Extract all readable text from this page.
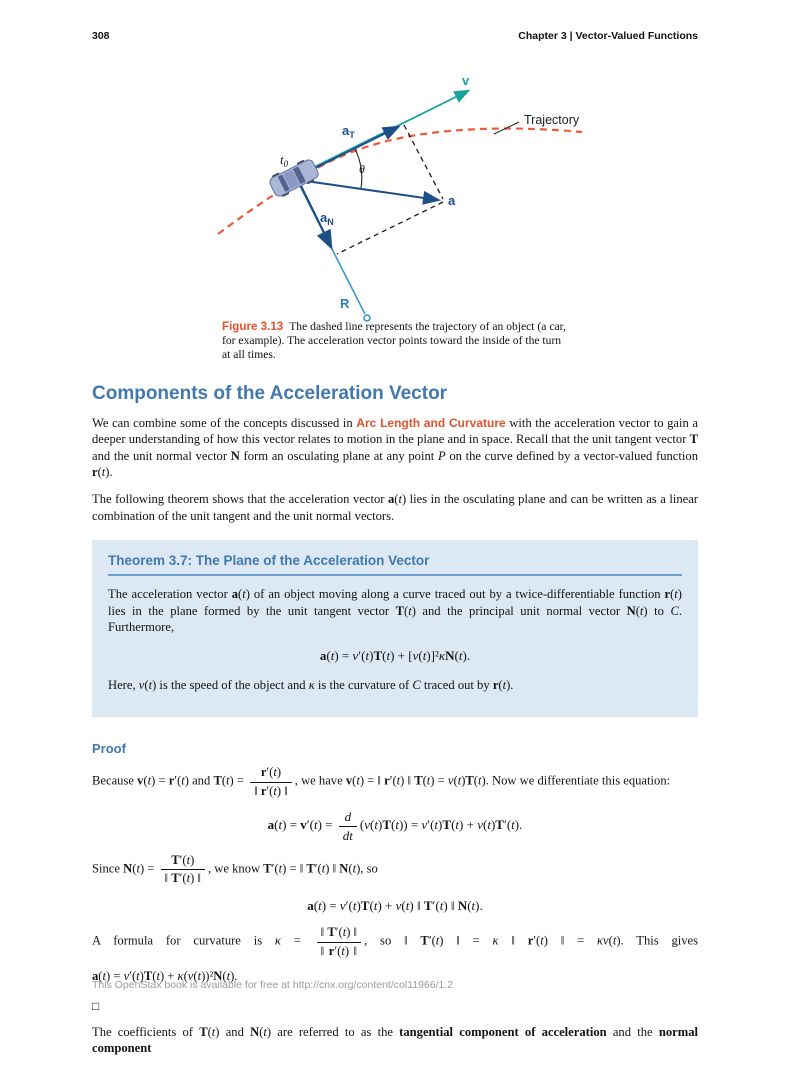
308	Chapter 3 | Vector-Valued Functions
Trajectory
v
$a_T$
a
$a_N$
$t_0$	θ
R
Figure 3.13 The dashed line represents the trajectory of an object (a car, for example). The acceleration vector points toward the inside of the turn at all times.
Components of the Acceleration Vector

We can combine some of the concepts discussed in Arc Length and Curvature with the acceleration vector to gain a deeper understanding of how this vector relates to motion in the plane and in space. Recall that the unit tangent vector T and the unit normal vector N form an osculating plane at any point P on the curve defined by a vector-valued function r(t).

The following theorem shows that the acceleration vector a(t) lies in the osculating plane and can be written as a linear combination of the unit tangent and the unit normal vectors.

Theorem 3.7: The Plane of the Acceleration Vector

The acceleration vector a(t) of an object moving along a curve traced out by a twice-differentiable function r(t) lies in the plane formed by the unit tangent vector T(t) and the principal unit normal vector N(t) to C. Furthermore,

a(t) = v′(t)T(t) + [v(t)]²κN(t).

Here, v(t) is the speed of the object and κ is the curvature of C traced out by r(t).

Proof

Because v(t) = r′(t) and $T(t) = \frac{r'(t)}{‖ r'(t) ‖}$ , we have v(t) = ‖ r′(t) ‖ T(t) = v(t)T(t). Now we differentiate this equation:

$a(t) = v'(t) = \frac{d}{dt} (v(t)T(t)) = v'(t)T(t) + v(t)T'(t)$.

Since $N(t) = \frac{T'(t)}{‖ T'(t) ‖}$ , we know T′(t) = ‖ T′(t) ‖ N(t), so

a(t) = v′(t)T(t) + v(t) ‖ T′(t) ‖ N(t).

A formula for curvature is $\kappa = \frac{‖ T'(t) ‖}{‖ r'(t) ‖}$ , so ‖ T′(t) ‖ = κ ‖ r′(t) ‖ = κv(t). This gives

a(t) = v′(t)T(t) + κ(v(t))²N(t).

□

The coefficients of T(t) and N(t) are referred to as the tangential component of acceleration and the normal component

This OpenStax book is available for free at http://cnx.org/content/col11966/1.2
